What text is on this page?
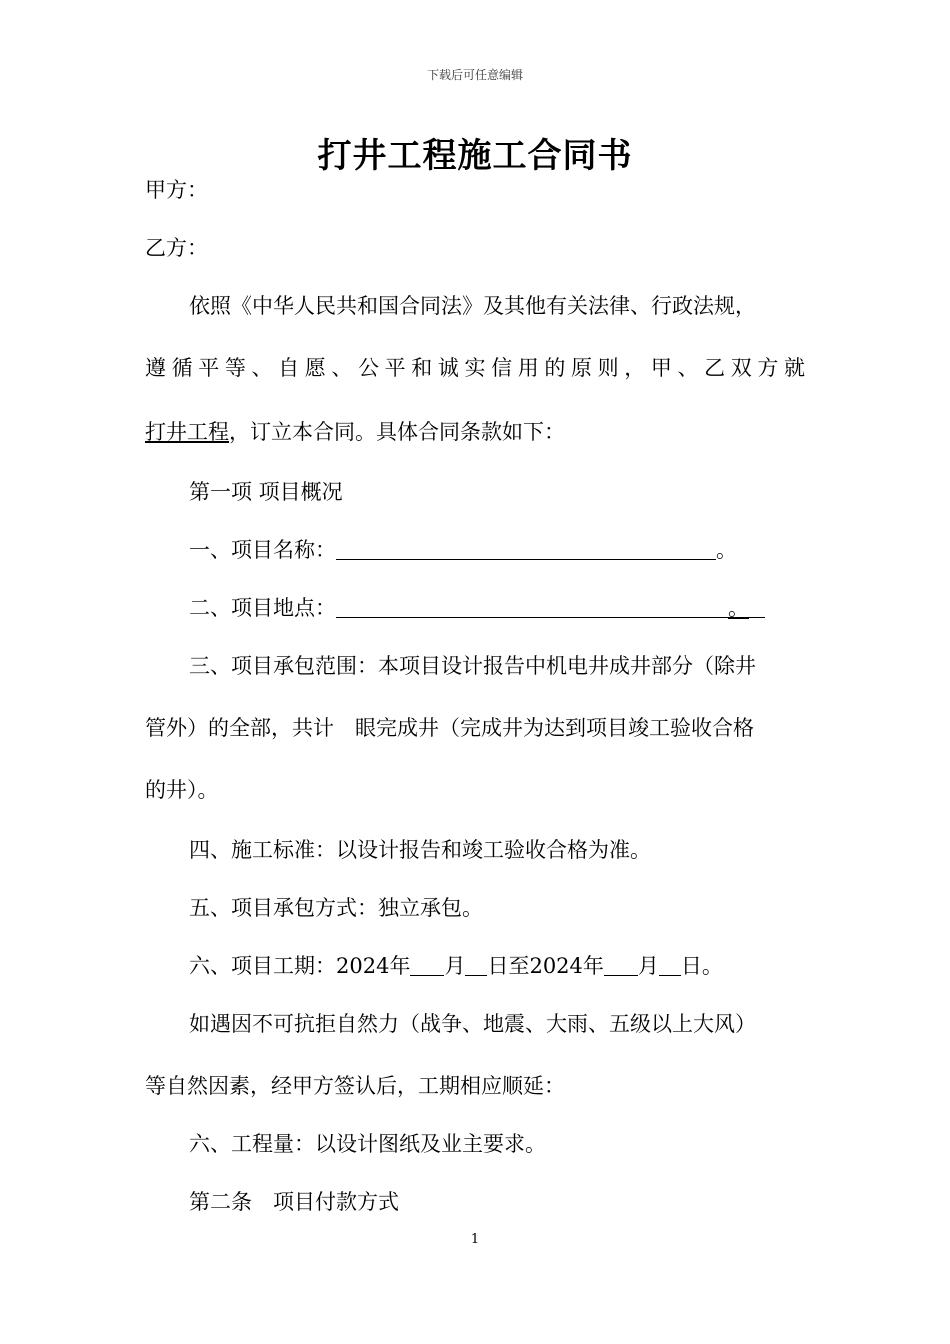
下载后可任意编辑
打井工程施工合同书
甲方：
乙方：
依照《中华人民共和国合同法》及其他有关法律、行政法规，
遵 循 平 等 、 自 愿 、 公 平 和 诚 实 信 用 的 原 则 ， 甲 、 乙 双 方 就
打井工程，订立本合同。具体合同条款如下：
第一项 项目概况
一、项目名称：	。
二、项目地点：	。
三、项目承包范围：本项目设计报告中机电井成井部分（除井
管外）的全部，共计　眼完成井（完成井为达到项目竣工验收合格
的井）。
四、施工标准：以设计报告和竣工验收合格为准。
五、项目承包方式：独立承包。
六、项目工期：2024年 月 日至2024年 月 日。
如遇因不可抗拒自然力（战争、地震、大雨、五级以上大风）
等自然因素，经甲方签认后，工期相应顺延：
六、工程量：以设计图纸及业主要求。
第二条　项目付款方式
1
